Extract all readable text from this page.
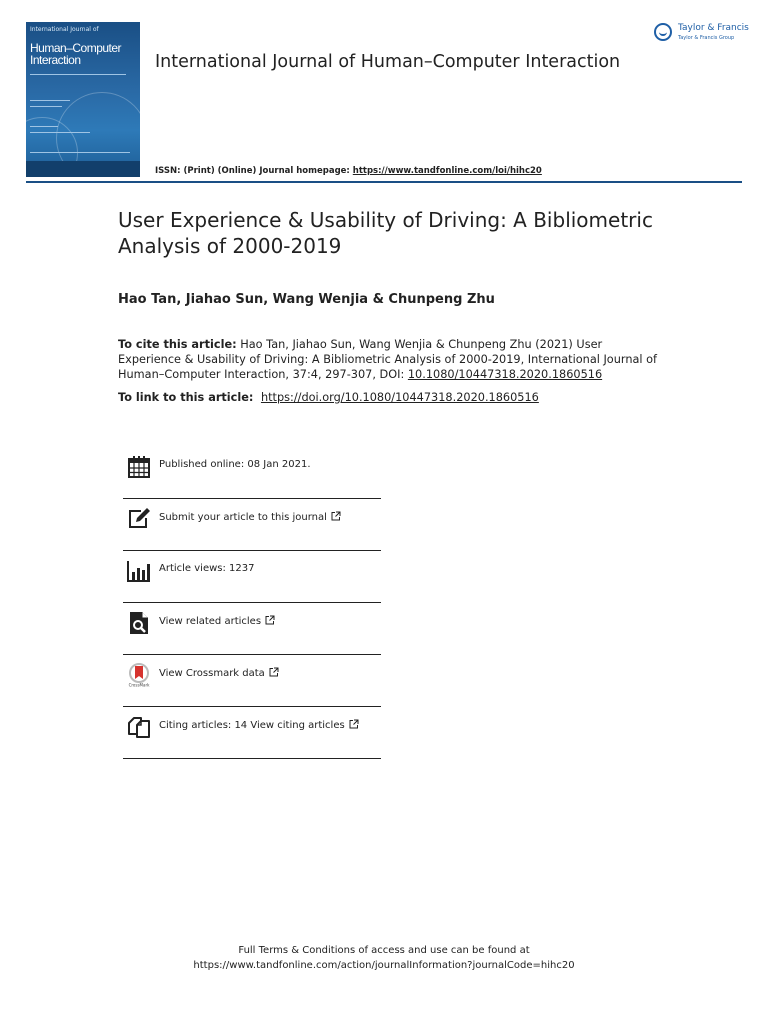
International Journal of
Human–Computer
Interaction
Taylor & Francis
Taylor & Francis Group
International Journal of Human–Computer Interaction
ISSN: (Print) (Online) Journal homepage: https://www.tandfonline.com/loi/hihc20
User Experience & Usability of Driving: A Bibliometric Analysis of 2000-2019
Hao Tan, Jiahao Sun, Wang Wenjia & Chunpeng Zhu
To cite this article: Hao Tan, Jiahao Sun, Wang Wenjia & Chunpeng Zhu (2021) User Experience & Usability of Driving: A Bibliometric Analysis of 2000-2019, International Journal of Human–Computer Interaction, 37:4, 297-307, DOI: 10.1080/10447318.2020.1860516
To link to this article:  https://doi.org/10.1080/10447318.2020.1860516
Published online: 08 Jan 2021.
Submit your article to this journal
Article views: 1237
View related articles
CrossMark
View Crossmark data
Citing articles: 14 View citing articles
Full Terms & Conditions of access and use can be found at
https://www.tandfonline.com/action/journalInformation?journalCode=hihc20
